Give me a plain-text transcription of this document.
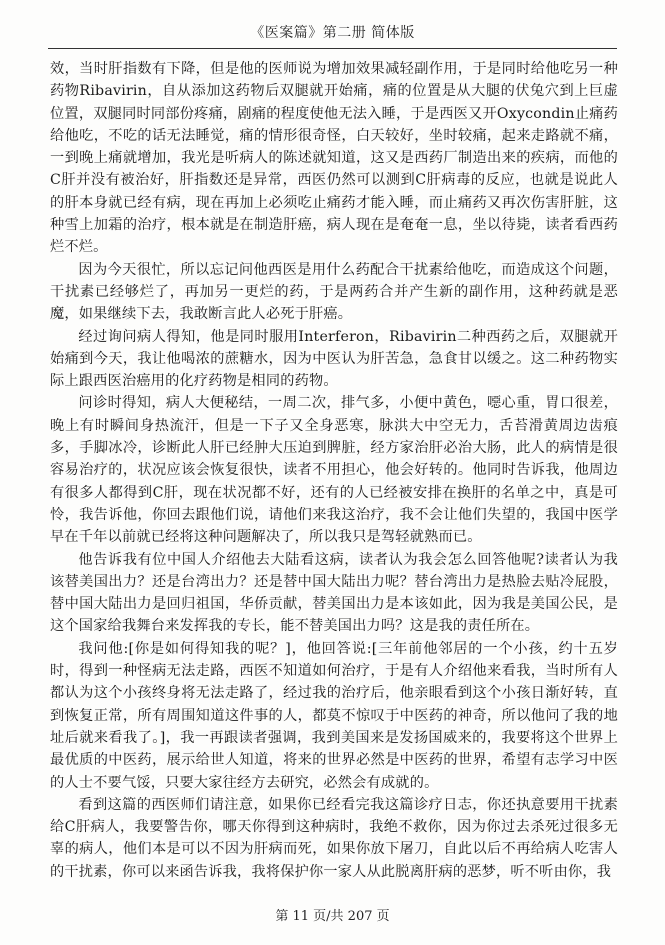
《医案篇》第二册 简体版

效，当时肝指数有下降，但是他的医师说为增加效果减轻副作用，于是同时给他吃另一种药物Ribavirin，自从添加这药物后双腿就开始痛，痛的位置是从大腿的伏兔穴到上巨虚位置，双腿同时同部份疼痛，剧痛的程度使他无法入睡，于是西医又开Oxycondin止痛药给他吃，不吃的话无法睡觉，痛的情形很奇怪，白天较好，坐时较痛，起来走路就不痛，一到晚上痛就增加，我光是听病人的陈述就知道，这又是西药厂制造出来的疾病，而他的C肝并没有被治好，肝指数还是异常，西医仍然可以测到C肝病毒的反应，也就是说此人的肝本身就已经有病，现在再加上必须吃止痛药才能入睡，而止痛药又再次伤害肝脏，这种雪上加霜的治疗，根本就是在制造肝癌，病人现在是奄奄一息，坐以待毙，读者看西药烂不烂。

因为今天很忙，所以忘记问他西医是用什么药配合干扰素给他吃，而造成这个问题，干扰素已经够烂了，再加另一更烂的药，于是两药合并产生新的副作用，这种药就是恶魔，如果继续下去，我敢断言此人必死于肝癌。

经过询问病人得知，他是同时服用Interferon，Ribavirin二种西药之后，双腿就开始痛到今天，我让他喝浓的蔗糖水，因为中医认为肝苦急，急食甘以缓之。这二种药物实际上跟西医治癌用的化疗药物是相同的药物。

问诊时得知，病人大便秘结，一周二次，排气多，小便中黄色，噁心重，胃口很差，晚上有时瞬间身热流汗，但是一下子又全身恶寒，脉洪大中空无力，舌苔滑黄周边齿痕多，手脚冰冷，诊断此人肝已经肿大压迫到脾脏，经方家治肝必治大肠，此人的病情是很容易治疗的，状况应该会恢复很快，读者不用担心，他会好转的。他同时告诉我，他周边有很多人都得到C肝，现在状况都不好，还有的人已经被安排在换肝的名单之中，真是可怜，我告诉他，你回去跟他们说，请他们来我这治疗，我不会让他们失望的，我国中医学早在千年以前就已经将这种问题解决了，所以我只是驾轻就熟而已。

他告诉我有位中国人介绍他去大陆看这病，读者认为我会怎么回答他呢?读者认为我该替美国出力？还是台湾出力？还是替中国大陆出力呢？替台湾出力是热脸去贴冷屁股，替中国大陆出力是回归祖国，华侨贡献，替美国出力是本该如此，因为我是美国公民，是这个国家给我舞台来发挥我的专长，能不替美国出力吗？这是我的责任所在。

我问他:[你是如何得知我的呢？]，他回答说:[三年前他邻居的一个小孩，约十五岁时，得到一种怪病无法走路，西医不知道如何治疗，于是有人介绍他来看我，当时所有人都认为这个小孩终身将无法走路了，经过我的治疗后，他亲眼看到这个小孩日渐好转，直到恢复正常，所有周围知道这件事的人，都莫不惊叹于中医药的神奇，所以他问了我的地址后就来看我了。]，我一再跟读者强调，我到美国来是发扬国威来的，我要将这个世界上最优质的中医药，展示给世人知道，将来的世界必然是中医药的世界，希望有志学习中医的人士不要气馁，只要大家往经方去研究，必然会有成就的。

看到这篇的西医师们请注意，如果你已经看完我这篇诊疗日志，你还执意要用干扰素给C肝病人，我要警告你，哪天你得到这种病时，我绝不救你，因为你过去杀死过很多无辜的病人，他们本是可以不因为肝病而死，如果你放下屠刀，自此以后不再给病人吃害人的干扰素，你可以来函告诉我，我将保护你一家人从此脱离肝病的恶梦，听不听由你，我

第 11 页/共 207 页
